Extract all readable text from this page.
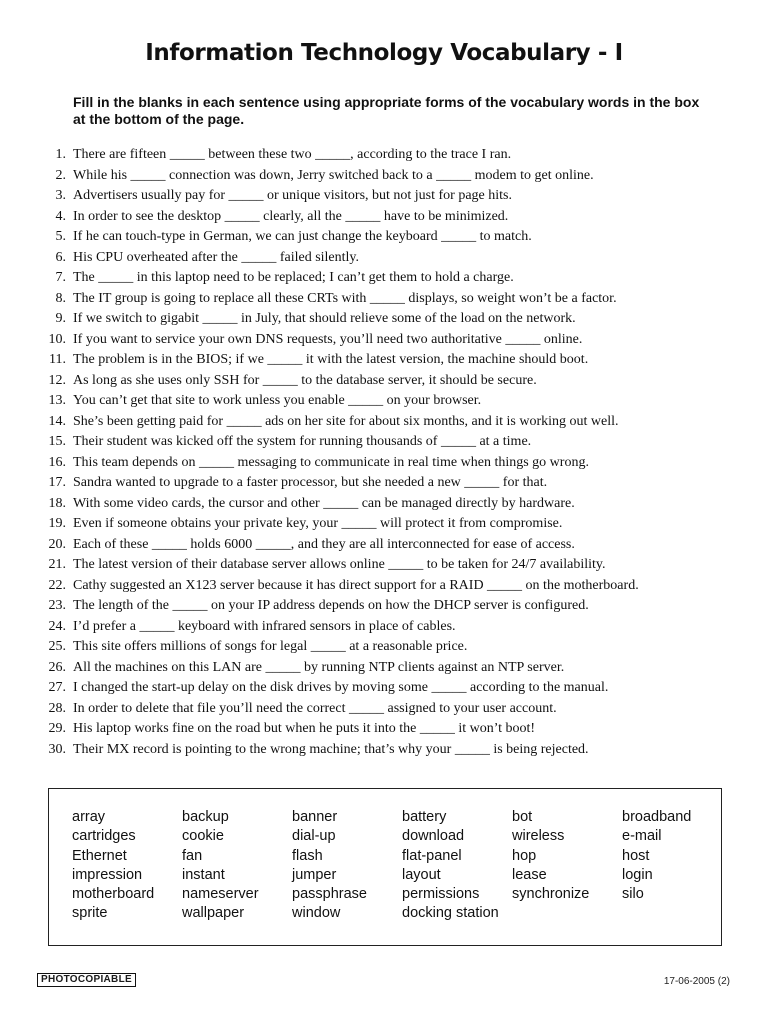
Information Technology Vocabulary - I
Fill in the blanks in each sentence using appropriate forms of the vocabulary words in the box at the bottom of the page.
1. There are fifteen _____ between these two _____, according to the trace I ran.
2. While his _____ connection was down, Jerry switched back to a _____ modem to get online.
3. Advertisers usually pay for _____ or unique visitors, but not just for page hits.
4. In order to see the desktop _____ clearly, all the _____ have to be minimized.
5. If he can touch-type in German, we can just change the keyboard _____ to match.
6. His CPU overheated after the _____ failed silently.
7. The _____ in this laptop need to be replaced; I can’t get them to hold a charge.
8. The IT group is going to replace all these CRTs with _____ displays, so weight won’t be a factor.
9. If we switch to gigabit _____ in July, that should relieve some of the load on the network.
10. If you want to service your own DNS requests, you’ll need two authoritative _____ online.
11. The problem is in the BIOS; if we _____ it with the latest version, the machine should boot.
12. As long as she uses only SSH for _____ to the database server, it should be secure.
13. You can’t get that site to work unless you enable _____ on your browser.
14. She’s been getting paid for _____ ads on her site for about six months, and it is working out well.
15. Their student was kicked off the system for running thousands of _____ at a time.
16. This team depends on _____ messaging to communicate in real time when things go wrong.
17. Sandra wanted to upgrade to a faster processor, but she needed a new _____ for that.
18. With some video cards, the cursor and other _____ can be managed directly by hardware.
19. Even if someone obtains your private key, your _____ will protect it from compromise.
20. Each of these _____ holds 6000 _____, and they are all interconnected for ease of access.
21. The latest version of their database server allows online _____ to be taken for 24/7 availability.
22. Cathy suggested an X123 server because it has direct support for a RAID _____ on the motherboard.
23. The length of the _____ on your IP address depends on how the DHCP server is configured.
24. I’d prefer a _____ keyboard with infrared sensors in place of cables.
25. This site offers millions of songs for legal _____ at a reasonable price.
26. All the machines on this LAN are _____ by running NTP clients against an NTP server.
27. I changed the start-up delay on the disk drives by moving some _____ according to the manual.
28. In order to delete that file you’ll need the correct _____ assigned to your user account.
29. His laptop works fine on the road but when he puts it into the _____ it won’t boot!
30. Their MX record is pointing to the wrong machine; that’s why your _____ is being rejected.
array	backup	banner	battery	bot	broadband
cartridges	cookie	dial-up	download	wireless	e-mail
Ethernet	fan	flash	flat-panel	hop	host
impression	instant	jumper	layout	lease	login
motherboard	nameserver	passphrase	permissions	synchronize	silo
sprite	wallpaper	window	docking station
PHOTOCOPIABLE	17-06-2005 (2)
